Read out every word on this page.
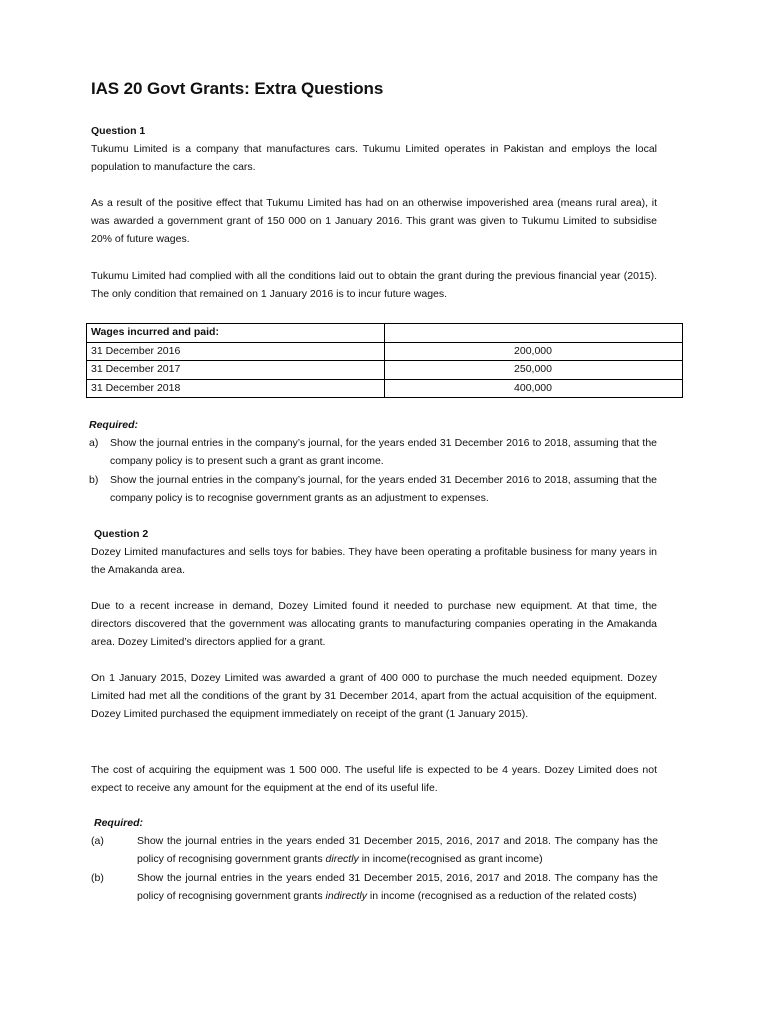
IAS 20 Govt Grants: Extra Questions

Question 1

Tukumu Limited is a company that manufactures cars. Tukumu Limited operates in Pakistan and employs the local population to manufacture the cars.

As a result of the positive effect that Tukumu Limited has had on an otherwise impoverished area (means rural area), it was awarded a government grant of 150 000 on 1 January 2016. This grant was given to Tukumu Limited to subsidise 20% of future wages.

Tukumu Limited had complied with all the conditions laid out to obtain the grant during the previous financial year (2015). The only condition that remained on 1 January 2016 is to incur future wages.

Wages incurred and paid:	
31 December 2016	200,000
31 December 2017	250,000
31 December 2018	400,000

Required:

a) Show the journal entries in the company’s journal, for the years ended 31 December 2016 to 2018, assuming that the company policy is to present such a grant as grant income.
b) Show the journal entries in the company’s journal, for the years ended 31 December 2016 to 2018, assuming that the company policy is to recognise government grants as an adjustment to expenses.

Question 2

Dozey Limited manufactures and sells toys for babies. They have been operating a profitable business for many years in the Amakanda area.

Due to a recent increase in demand, Dozey Limited found it needed to purchase new equipment. At that time, the directors discovered that the government was allocating grants to manufacturing companies operating in the Amakanda area. Dozey Limited’s directors applied for a grant.

On 1 January 2015, Dozey Limited was awarded a grant of 400 000 to purchase the much needed equipment. Dozey Limited had met all the conditions of the grant by 31 December 2014, apart from the actual acquisition of the equipment. Dozey Limited purchased the equipment immediately on receipt of the grant (1 January 2015).

The cost of acquiring the equipment was 1 500 000. The useful life is expected to be 4 years. Dozey Limited does not expect to receive any amount for the equipment at the end of its useful life.

Required:

(a)	Show the journal entries in the years ended 31 December 2015, 2016, 2017 and 2018. The company has the policy of recognising government grants directly in income(recognised as grant income)
(b)	Show the journal entries in the years ended 31 December 2015, 2016, 2017 and 2018. The company has the policy of recognising government grants indirectly in income (recognised as a reduction of the related costs)
